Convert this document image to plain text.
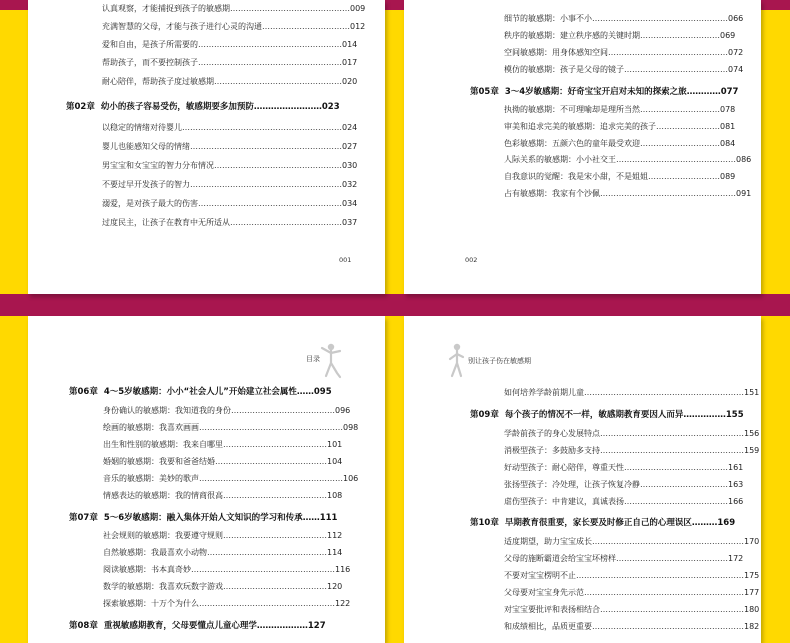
认真观察，才能捕捉到孩子的敏感期………………………………………009
充满智慧的父母，才能与孩子进行心灵的沟通……………………………012
爱和自由，是孩子所需要的………………………………………………014
帮助孩子，而不要控制孩子………………………………………………017
耐心陪伴，帮助孩子度过敏感期…………………………………………020
第02章 幼小的孩子容易受伤，敏感期要多加预防……………………023
以稳定的情绪对待婴儿……………………………………………………024
婴儿也能感知父母的情绪…………………………………………………027
男宝宝和女宝宝的智力分布情况…………………………………………030
不要过早开发孩子的智力…………………………………………………032
溺爱，是对孩子最大的伤害………………………………………………034
过度民主，让孩子在教育中无所适从……………………………………037
001
细节的敏感期：小事不小……………………………………………066
秩序的敏感期：建立秩序感的关键时期…………………………069
空间敏感期：用身体感知空间………………………………………072
模仿的敏感期：孩子是父母的镜子…………………………………074
第05章 3～4岁敏感期：好奇宝宝开启对未知的探索之旅…………077
执拗的敏感期：不可理喻却是理所当然…………………………078
审美和追求完美的敏感期：追求完美的孩子……………………081
色彩敏感期：五颜六色的童年最受欢迎…………………………084
人际关系的敏感期：小小社交王………………………………………086
自我意识的觉醒：我是宋小甜，不是姐姐………………………089
占有敏感期：我家有个沙佩……………………………………………091
002
目录
第06章 4～5岁敏感期：小小“社会人儿”开始建立社会属性……095
身份确认的敏感期：我知道我的身份…………………………………096
绘画的敏感期：我喜欢画画………………………………………………098
出生和性别的敏感期：我来自哪里…………………………………101
婚姻的敏感期：我要和爸爸结婚……………………………………104
音乐的敏感期：美妙的歌声………………………………………………106
情感表达的敏感期：我的情商很高…………………………………108
第07章 5～6岁敏感期：融入集体开始人文知识的学习和传承……111
社会规则的敏感期：我要遵守规则…………………………………112
自然敏感期：我最喜欢小动物………………………………………114
阅读敏感期：书本真奇妙………………………………………………116
数学的敏感期：我喜欢玩数字游戏…………………………………120
探索敏感期：十万个为什么……………………………………………122
第08章 重视敏感期教育，父母要懂点儿童心理学………………127
别让孩子伤在敏感期
如何培养学龄前期儿童……………………………………………………151
第09章 每个孩子的情况不一样，敏感期教育要因人而异……………155
学龄前孩子的身心发展特点………………………………………………156
消极型孩子：多鼓励多支持………………………………………………159
好动型孩子：耐心陪伴，尊重天性…………………………………161
张扬型孩子：冷处理，让孩子恢复冷静……………………………163
虐伤型孩子：中肯建议，真诚表扬…………………………………166
第10章 早期教育很重要，家长要及时修正自己的心理误区………169
适度期望，助力宝宝成长…………………………………………………170
父母的施断霸道会给宝宝坏榜样……………………………………172
不要对宝宝楞明不止………………………………………………………175
父母要对宝宝身先示范……………………………………………………177
对宝宝要批评和表扬相结合………………………………………………180
和成绩相比，品质更重要…………………………………………………182
